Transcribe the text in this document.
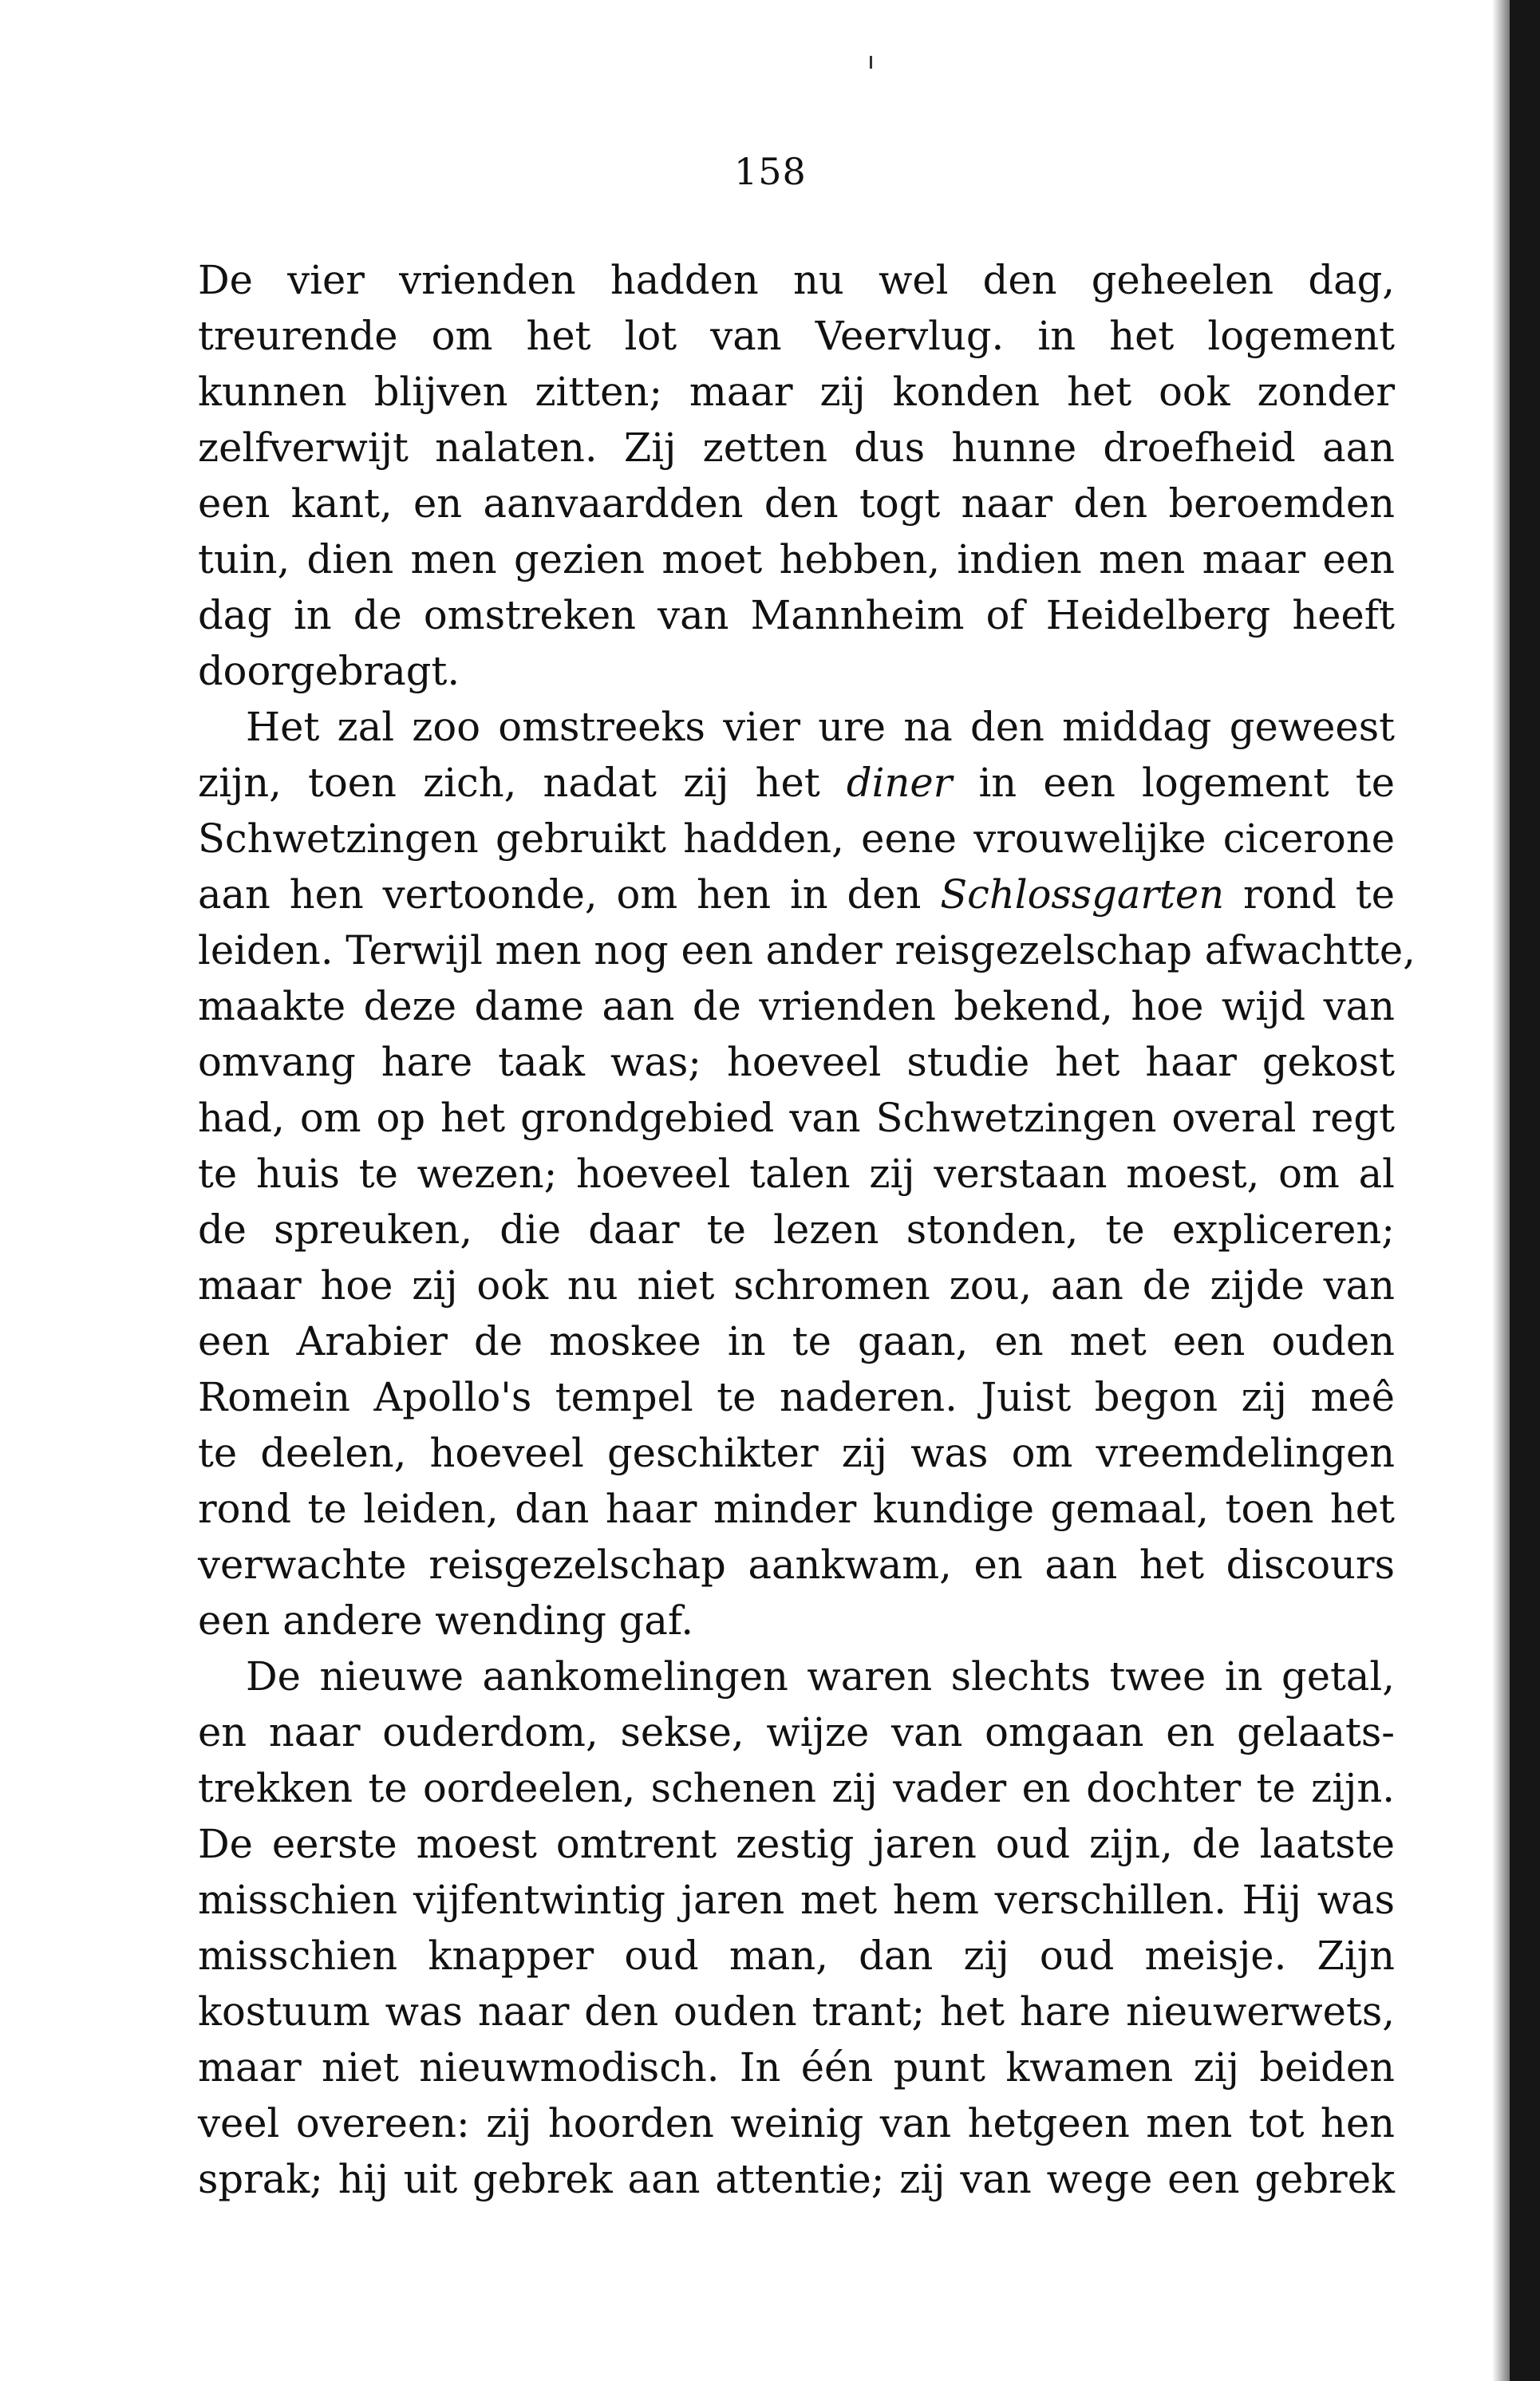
158
De vier vrienden hadden nu wel den geheelen dag,
treurende om het lot van Veervlug. in het logement
kunnen blijven zitten; maar zij konden het ook zonder
zelfverwijt nalaten. Zij zetten dus hunne droefheid aan
een kant, en aanvaardden den togt naar den beroemden
tuin, dien men gezien moet hebben, indien men maar een
dag in de omstreken van Mannheim of Heidelberg heeft
doorgebragt.
Het zal zoo omstreeks vier ure na den middag geweest
zijn, toen zich, nadat zij het diner in een logement te
Schwetzingen gebruikt hadden, eene vrouwelijke cicerone
aan hen vertoonde, om hen in den Schlossgarten rond te
leiden. Terwijl men nog een ander reisgezelschap afwachtte,
maakte deze dame aan de vrienden bekend, hoe wijd van
omvang hare taak was; hoeveel studie het haar gekost
had, om op het grondgebied van Schwetzingen overal regt
te huis te wezen; hoeveel talen zij verstaan moest, om al
de spreuken, die daar te lezen stonden, te expliceren;
maar hoe zij ook nu niet schromen zou, aan de zijde van
een Arabier de moskee in te gaan, en met een ouden
Romein Apollo's tempel te naderen. Juist begon zij meê
te deelen, hoeveel geschikter zij was om vreemdelingen
rond te leiden, dan haar minder kundige gemaal, toen het
verwachte reisgezelschap aankwam, en aan het discours
een andere wending gaf.
De nieuwe aankomelingen waren slechts twee in getal,
en naar ouderdom, sekse, wijze van omgaan en gelaats-
trekken te oordeelen, schenen zij vader en dochter te zijn.
De eerste moest omtrent zestig jaren oud zijn, de laatste
misschien vijfentwintig jaren met hem verschillen. Hij was
misschien knapper oud man, dan zij oud meisje. Zijn
kostuum was naar den ouden trant; het hare nieuwerwets,
maar niet nieuwmodisch. In één punt kwamen zij beiden
veel overeen: zij hoorden weinig van hetgeen men tot hen
sprak; hij uit gebrek aan attentie; zij van wege een gebrek
